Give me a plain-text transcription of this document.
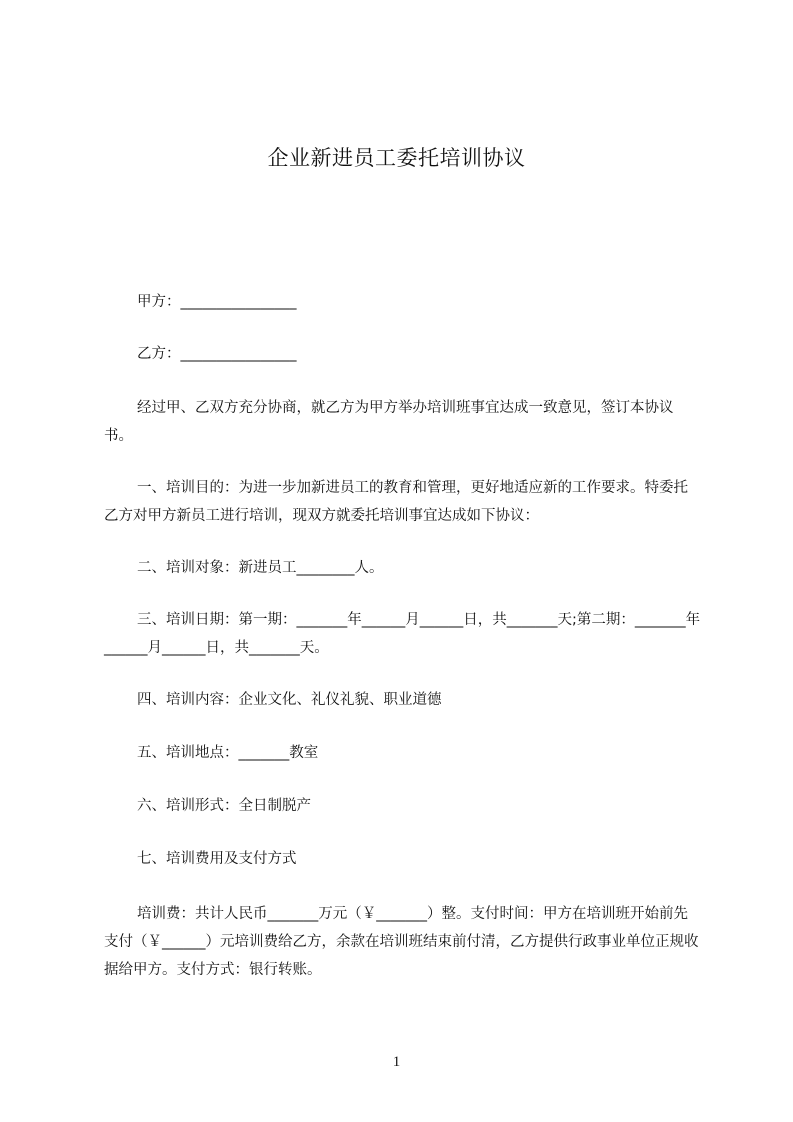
企业新进员工委托培训协议
甲方：________________
乙方：________________
经过甲、乙双方充分协商，就乙方为甲方举办培训班事宜达成一致意见，签订本协议书。
一、培训目的：为进一步加新进员工的教育和管理，更好地适应新的工作要求。特委托乙方对甲方新员工进行培训，现双方就委托培训事宜达成如下协议：
二、培训对象：新进员工________人。
三、培训日期：第一期：_______年______月______日，共_______天;第二期：_______年______月______日，共_______天。
四、培训内容：企业文化、礼仪礼貌、职业道德
五、培训地点：_______教室
六、培训形式：全日制脱产
七、培训费用及支付方式
培训费：共计人民币_______万元（￥_______）整。支付时间：甲方在培训班开始前先支付（￥______）元培训费给乙方，余款在培训班结束前付清，乙方提供行政事业单位正规收据给甲方。支付方式：银行转账。
1
